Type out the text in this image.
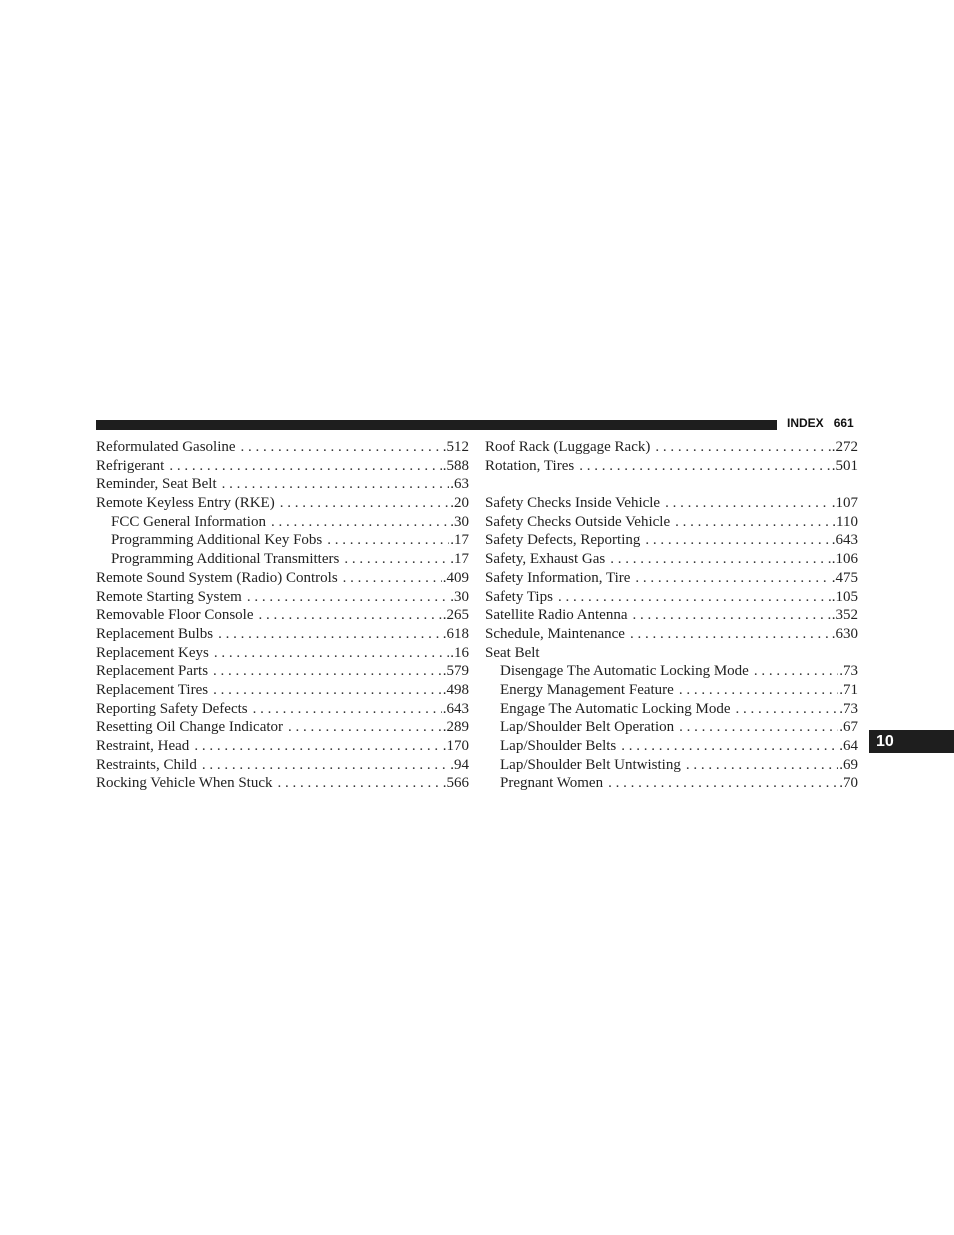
INDEX 661
Reformulated Gasoline . . .	.512
Refrigerant . . .	.588
Reminder, Seat Belt . . .	.63
Remote Keyless Entry (RKE) . . .	.20
FCC General Information . . .	.30
Programming Additional Key Fobs . . .	.17
Programming Additional Transmitters . . .	.17
Remote Sound System (Radio) Controls . . .	.409
Remote Starting System . . .	.30
Removable Floor Console . . .	.265
Replacement Bulbs . . .	.618
Replacement Keys . . .	.16
Replacement Parts . . .	.579
Replacement Tires . . .	.498
Reporting Safety Defects . . .	.643
Resetting Oil Change Indicator . . .	.289
Restraint, Head . . .	.170
Restraints, Child . . .	.94
Rocking Vehicle When Stuck . . .	.566
Roof Rack (Luggage Rack) . . .	.272
Rotation, Tires . . .	.501
Safety Checks Inside Vehicle . . .	.107
Safety Checks Outside Vehicle . . .	.110
Safety Defects, Reporting . . .	.643
Safety, Exhaust Gas . . .	.106
Safety Information, Tire . . .	.475
Safety Tips . . .	.105
Satellite Radio Antenna . . .	.352
Schedule, Maintenance . . .	.630
Seat Belt
Disengage The Automatic Locking Mode . . .	.73
Energy Management Feature . . .	.71
Engage The Automatic Locking Mode . . .	.73
Lap/Shoulder Belt Operation . . .	.67
Lap/Shoulder Belts . . .	.64
Lap/Shoulder Belt Untwisting . . .	.69
Pregnant Women . . .	.70
10
